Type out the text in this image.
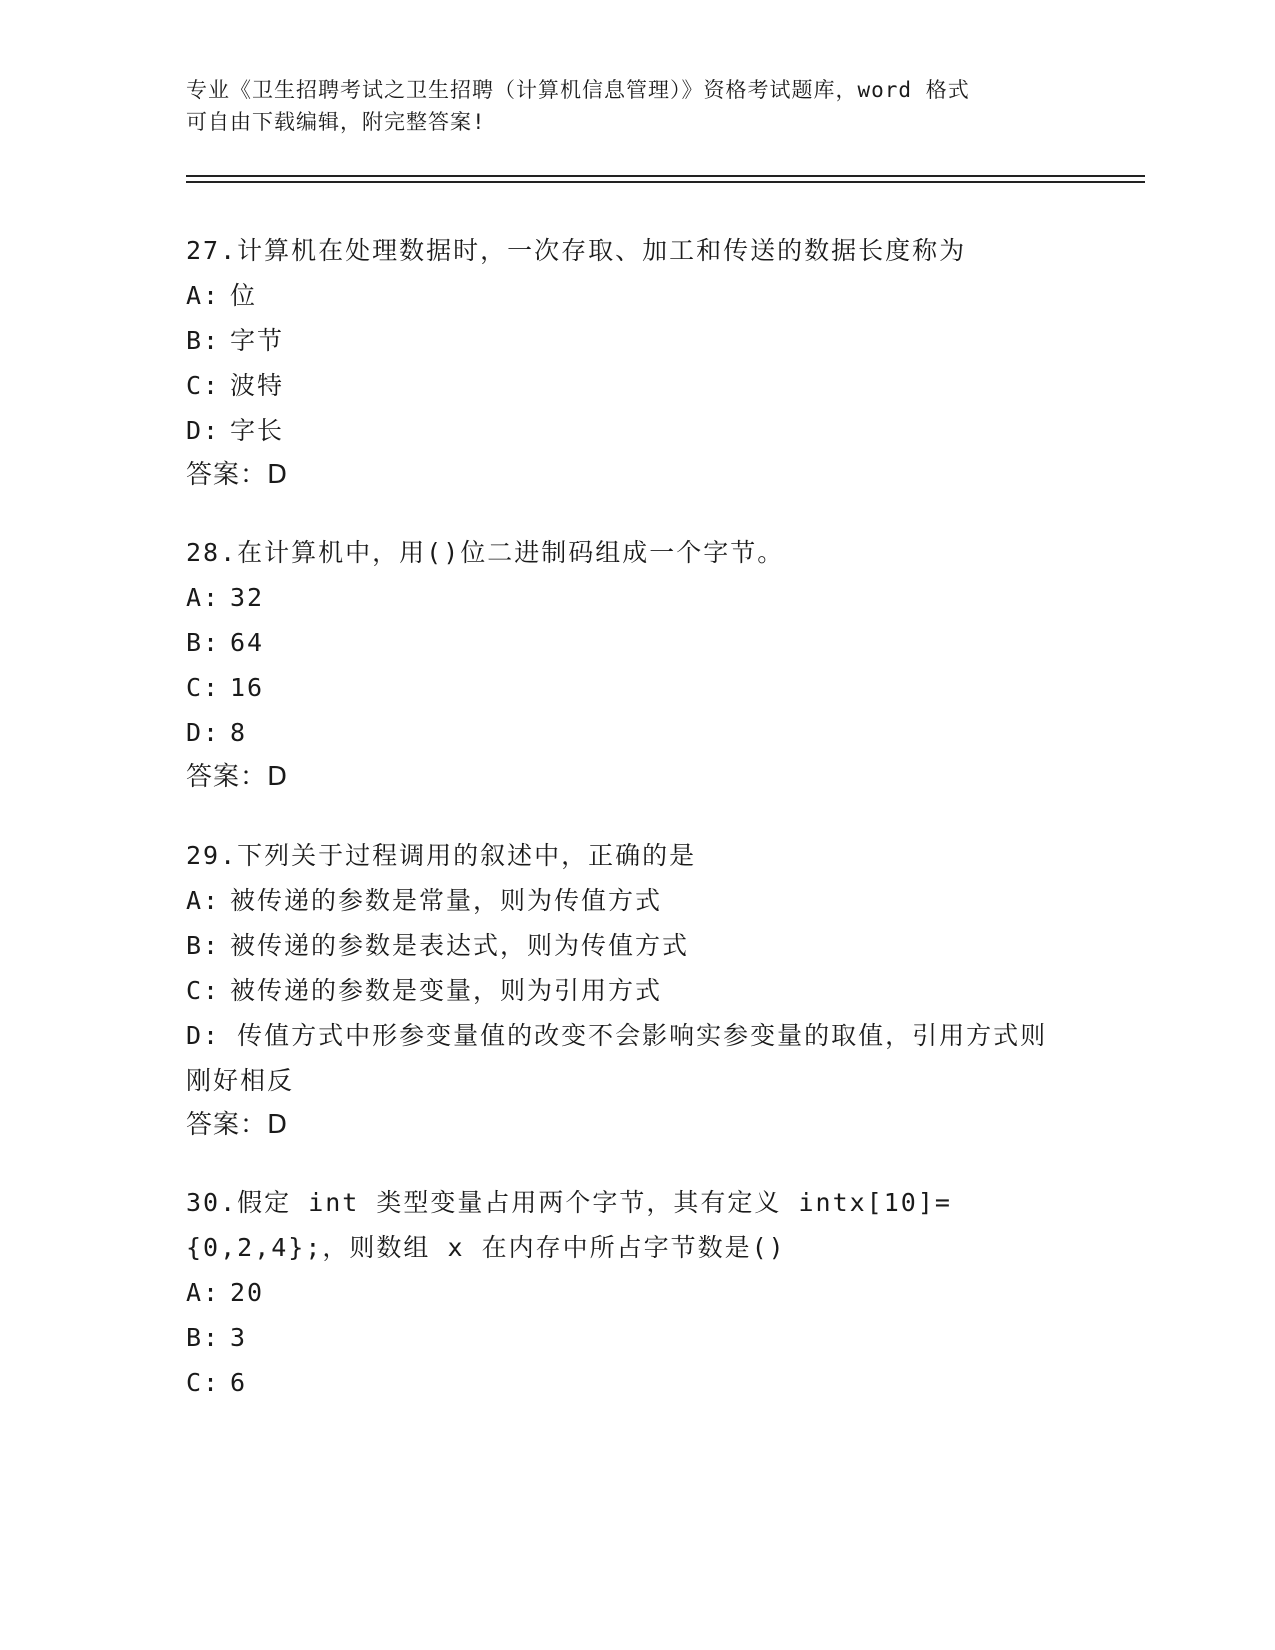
专业《卫生招聘考试之卫生招聘（计算机信息管理）》资格考试题库，word 格式
可自由下载编辑，附完整答案!
27.计算机在处理数据时，一次存取、加工和传送的数据长度称为
A: 位
B: 字节
C: 波特
D: 字长
答案：D
28.在计算机中，用()位二进制码组成一个字节。
A: 32
B: 64
C: 16
D: 8
答案：D
29.下列关于过程调用的叙述中，正确的是
A: 被传递的参数是常量，则为传值方式
B: 被传递的参数是表达式，则为传值方式
C: 被传递的参数是变量，则为引用方式
D: 传值方式中形参变量值的改变不会影响实参变量的取值，引用方式则刚好相反
答案：D
30.假定 int 类型变量占用两个字节，其有定义 intx[10]={0,2,4};，则数组 x 在内存中所占字节数是()
A: 20
B: 3
C: 6
